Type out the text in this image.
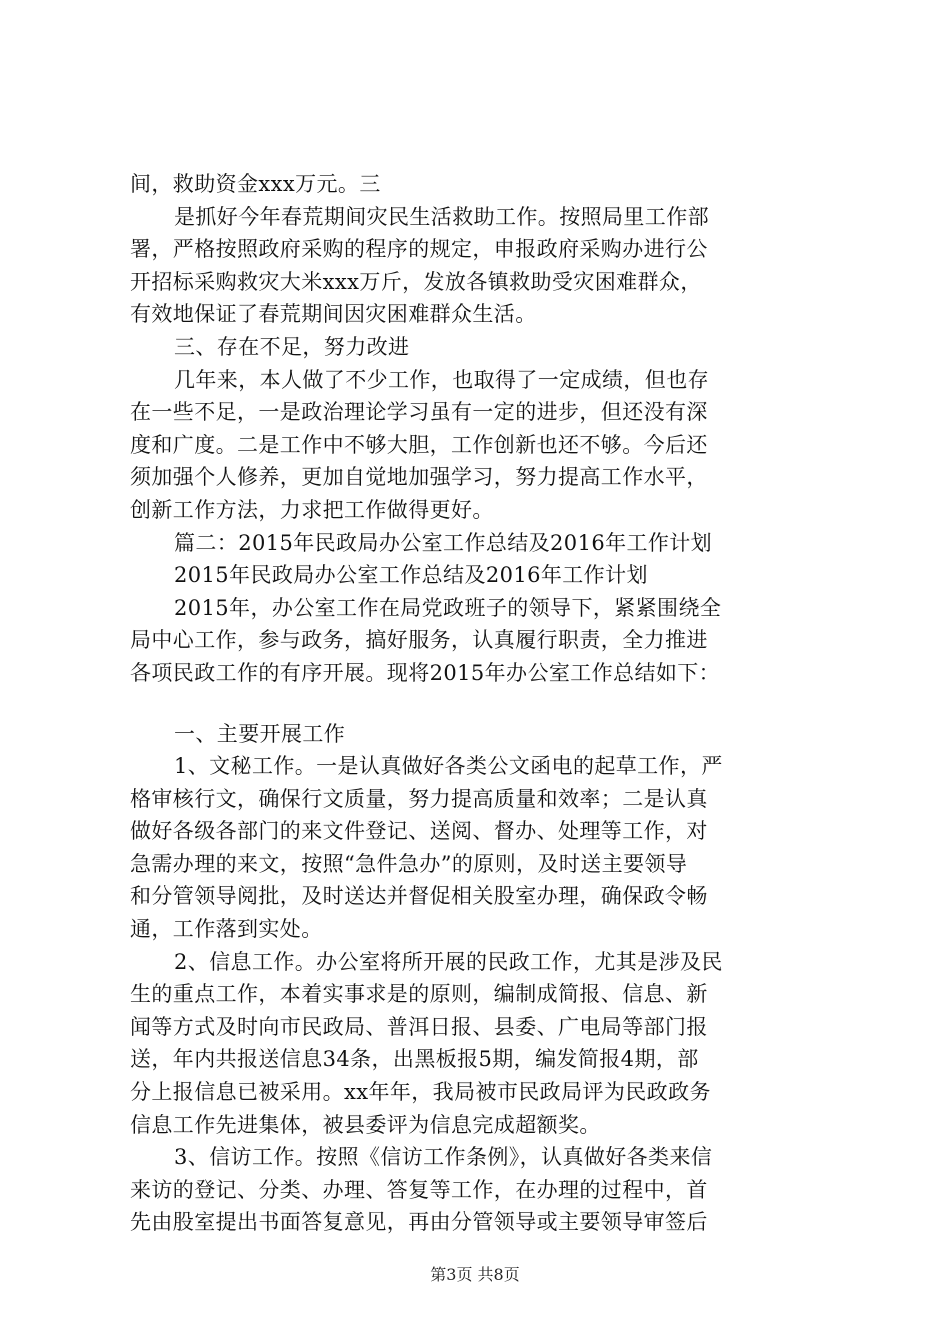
间，救助资金xxx万元。三
是抓好今年春荒期间灾民生活救助工作。按照局里工作部
署，严格按照政府采购的程序的规定，申报政府采购办进行公
开招标采购救灾大米xxx万斤，发放各镇救助受灾困难群众，
有效地保证了春荒期间因灾困难群众生活。
三、存在不足，努力改进
几年来，本人做了不少工作，也取得了一定成绩，但也存
在一些不足，一是政治理论学习虽有一定的进步，但还没有深
度和广度。二是工作中不够大胆，工作创新也还不够。今后还
须加强个人修养，更加自觉地加强学习，努力提高工作水平，
创新工作方法，力求把工作做得更好。
篇二：2015年民政局办公室工作总结及2016年工作计划
2015年民政局办公室工作总结及2016年工作计划
2015年，办公室工作在局党政班子的领导下，紧紧围绕全
局中心工作，参与政务，搞好服务，认真履行职责，全力推进
各项民政工作的有序开展。现将2015年办公室工作总结如下：
一、主要开展工作
1、文秘工作。一是认真做好各类公文函电的起草工作，严
格审核行文，确保行文质量，努力提高质量和效率；二是认真
做好各级各部门的来文件登记、送阅、督办、处理等工作，对
急需办理的来文，按照“急件急办”的原则，及时送主要领导
和分管领导阅批，及时送达并督促相关股室办理，确保政令畅
通，工作落到实处。
2、信息工作。办公室将所开展的民政工作，尤其是涉及民
生的重点工作，本着实事求是的原则，编制成简报、信息、新
闻等方式及时向市民政局、普洱日报、县委、广电局等部门报
送，年内共报送信息34条，出黑板报5期，编发简报4期，部
分上报信息已被采用。xx年年，我局被市民政局评为民政政务
信息工作先进集体，被县委评为信息完成超额奖。
3、信访工作。按照《信访工作条例》，认真做好各类来信
来访的登记、分类、办理、答复等工作，在办理的过程中，首
先由股室提出书面答复意见，再由分管领导或主要领导审签后
第3页 共8页
